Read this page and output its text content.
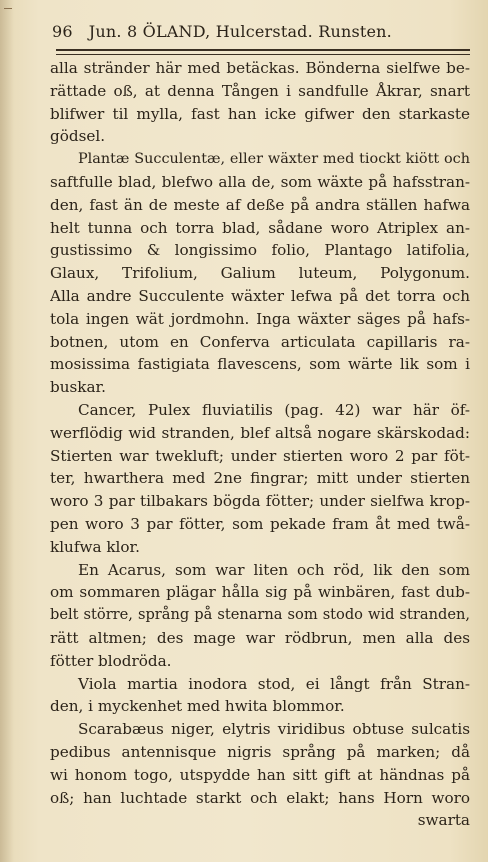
96 Jun. 8 ÖLAND, Hulcerstad. Runsten.
alla stränder här med betäckas. Bönderna sielfwe be-
rättade oß, at denna Tången i sandfulle Åkrar, snart
blifwer til mylla, fast han icke gifwer den starkaste
gödsel.
Plantæ Succulentæ, eller wäxter med tiockt kiött och
saftfulle blad, blefwo alla de, som wäxte på hafsstran-
den, fast än de meste af deße på andra ställen hafwa
helt tunna och torra blad, sådane woro Atriplex an-
gustissimo & longissimo folio, Plantago latifolia,
Glaux, Trifolium, Galium luteum, Polygonum.
Alla andre Succulente wäxter lefwa på det torra och
tola ingen wät jordmohn. Inga wäxter säges på hafs-
botnen, utom en Conferva articulata capillaris ra-
mosissima fastigiata flavescens, som wärte lik som i
buskar.
Cancer, Pulex fluviatilis (pag. 42) war här öf-
werflödig wid stranden, blef altså nogare skärskodad:
Stierten war twekluft; under stierten woro 2 par föt-
ter, hwarthera med 2ne fingrar; mitt under stierten
woro 3 par tilbakars bögda fötter; under sielfwa krop-
pen woro 3 par fötter, som pekade fram åt med twå-
klufwa klor.
En Acarus, som war liten och röd, lik den som
om sommaren plägar hålla sig på winbären, fast dub-
belt större, språng på stenarna som stodo wid stranden,
rätt altmen; des mage war rödbrun, men alla des
fötter blodröda.
Viola martia inodora stod, ei långt från Stran-
den, i myckenhet med hwita blommor.
Scarabæus niger, elytris viridibus obtuse sulcatis
pedibus antennisque nigris språng på marken; då
wi honom togo, utspydde han sitt gift at händnas på
oß; han luchtade starkt och elakt; hans Horn woro
swarta
